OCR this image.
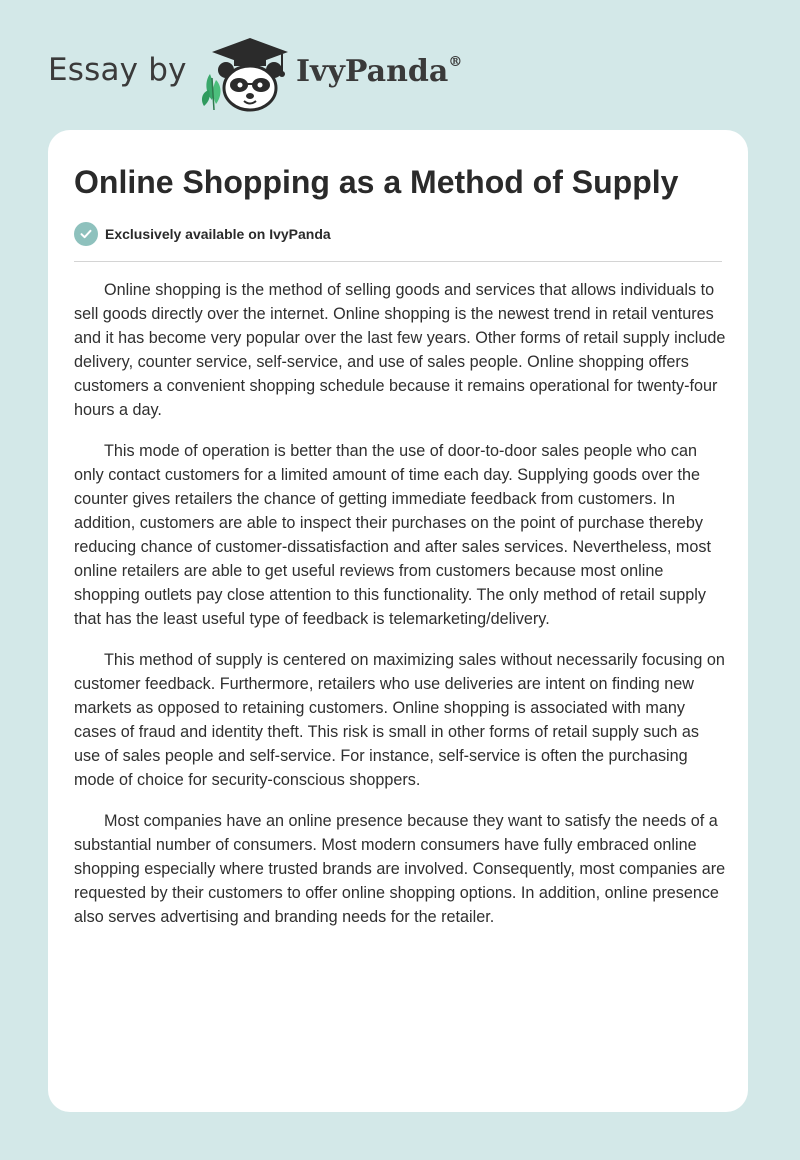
Essay by	IvyPanda®
Online Shopping as a Method of Supply
Exclusively available on IvyPanda

Online shopping is the method of selling goods and services that allows individuals to sell goods directly over the internet. Online shopping is the newest trend in retail ventures and it has become very popular over the last few years. Other forms of retail supply include delivery, counter service, self-service, and use of sales people. Online shopping offers customers a convenient shopping schedule because it remains operational for twenty-four hours a day.

This mode of operation is better than the use of door-to-door sales people who can only contact customers for a limited amount of time each day. Supplying goods over the counter gives retailers the chance of getting immediate feedback from customers. In addition, customers are able to inspect their purchases on the point of purchase thereby reducing chance of customer-dissatisfaction and after sales services. Nevertheless, most online retailers are able to get useful reviews from customers because most online shopping outlets pay close attention to this functionality. The only method of retail supply that has the least useful type of feedback is telemarketing/delivery.

This method of supply is centered on maximizing sales without necessarily focusing on customer feedback. Furthermore, retailers who use deliveries are intent on finding new markets as opposed to retaining customers. Online shopping is associated with many cases of fraud and identity theft. This risk is small in other forms of retail supply such as use of sales people and self-service. For instance, self-service is often the purchasing mode of choice for security-conscious shoppers.

Most companies have an online presence because they want to satisfy the needs of a substantial number of consumers. Most modern consumers have fully embraced online shopping especially where trusted brands are involved. Consequently, most companies are requested by their customers to offer online shopping options. In addition, online presence also serves advertising and branding needs for the retailer.
